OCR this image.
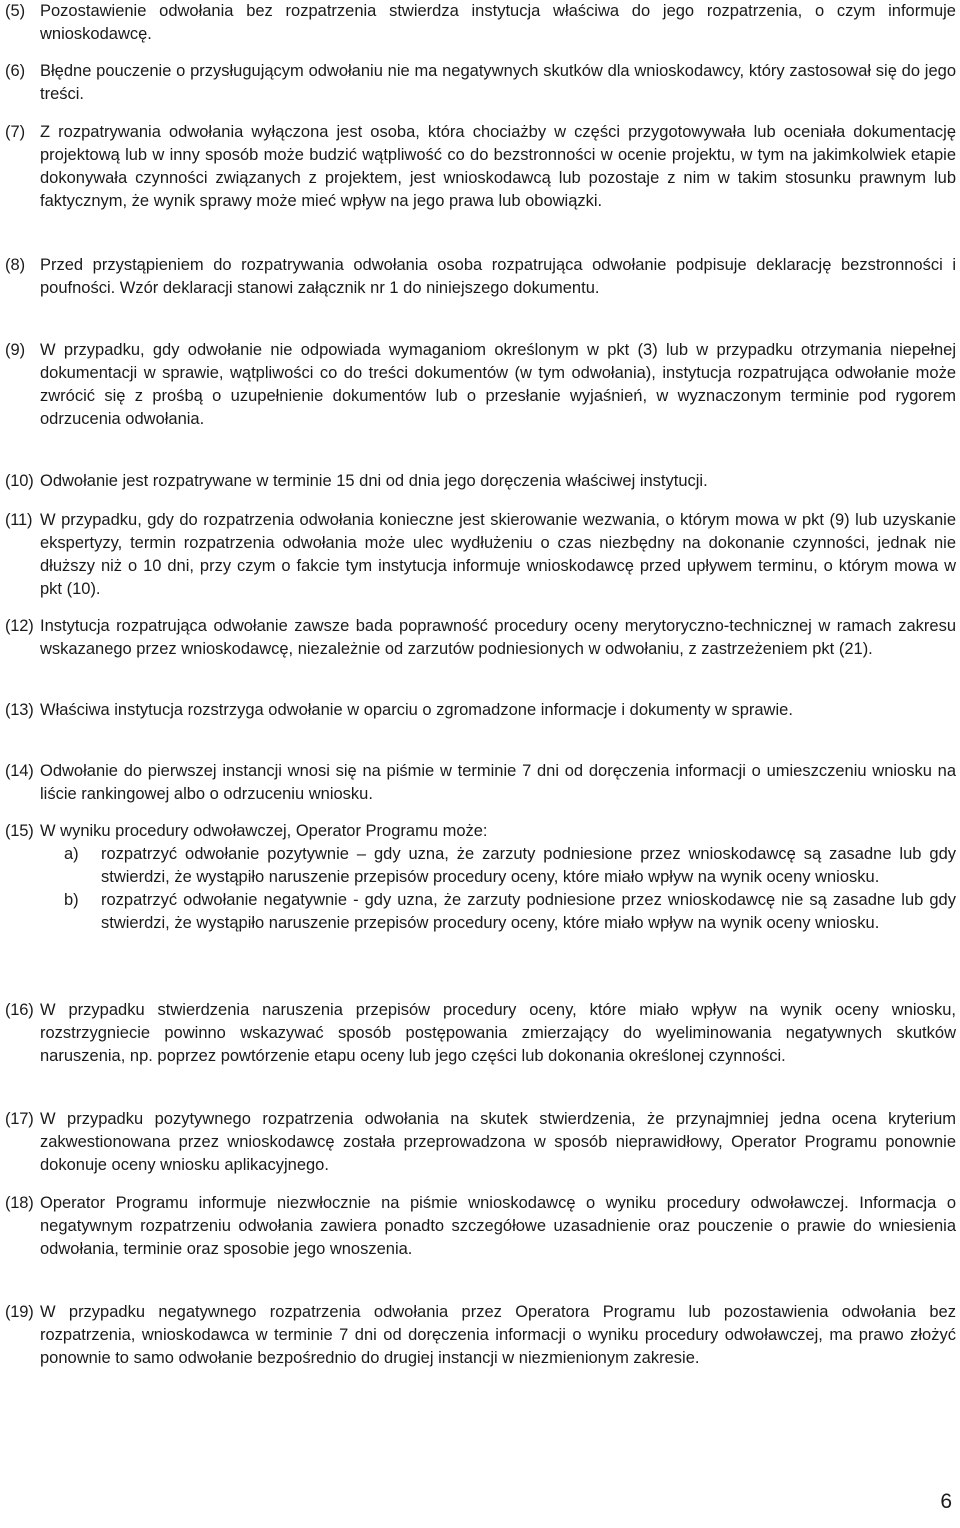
(5) Pozostawienie odwołania bez rozpatrzenia stwierdza instytucja właściwa do jego rozpatrzenia, o czym informuje wnioskodawcę.
(6) Błędne pouczenie o przysługującym odwołaniu nie ma negatywnych skutków dla wnioskodawcy, który zastosował się do jego treści.
(7) Z rozpatrywania odwołania wyłączona jest osoba, która chociażby w części przygotowywała lub oceniała dokumentację projektową lub w inny sposób może budzić wątpliwość co do bezstronności w ocenie projektu, w tym na jakimkolwiek etapie dokonywała czynności związanych z projektem, jest wnioskodawcą lub pozostaje z nim w takim stosunku prawnym lub faktycznym, że wynik sprawy może mieć wpływ na jego prawa lub obowiązki.
(8) Przed przystąpieniem do rozpatrywania odwołania osoba rozpatrująca odwołanie podpisuje deklarację bezstronności i poufności. Wzór deklaracji stanowi załącznik nr 1 do niniejszego dokumentu.
(9) W przypadku, gdy odwołanie nie odpowiada wymaganiom określonym w pkt (3) lub w przypadku otrzymania niepełnej dokumentacji w sprawie, wątpliwości co do treści dokumentów (w tym odwołania), instytucja rozpatrująca odwołanie może zwrócić się z prośbą o uzupełnienie dokumentów lub o przesłanie wyjaśnień, w wyznaczonym terminie pod rygorem odrzucenia odwołania.
(10) Odwołanie jest rozpatrywane w terminie 15 dni od dnia jego doręczenia właściwej instytucji.
(11) W przypadku, gdy do rozpatrzenia odwołania konieczne jest skierowanie wezwania, o którym mowa w pkt (9) lub uzyskanie ekspertyzy, termin rozpatrzenia odwołania może ulec wydłużeniu o czas niezbędny na dokonanie czynności, jednak nie dłuższy niż o 10 dni, przy czym o fakcie tym instytucja informuje wnioskodawcę przed upływem terminu, o którym mowa w pkt (10).
(12) Instytucja rozpatrująca odwołanie zawsze bada poprawność procedury oceny merytoryczno-technicznej w ramach zakresu wskazanego przez wnioskodawcę, niezależnie od zarzutów podniesionych w odwołaniu, z zastrzeżeniem pkt (21).
(13) Właściwa instytucja rozstrzyga odwołanie w oparciu o zgromadzone informacje i dokumenty w sprawie.
(14) Odwołanie do pierwszej instancji wnosi się na piśmie w terminie 7 dni od doręczenia informacji o umieszczeniu wniosku na liście rankingowej albo o odrzuceniu wniosku.
(15) W wyniku procedury odwoławczej, Operator Programu może:
a)	rozpatrzyć odwołanie pozytywnie – gdy uzna, że zarzuty podniesione przez wnioskodawcę są zasadne lub gdy stwierdzi, że wystąpiło naruszenie przepisów procedury oceny, które miało wpływ na wynik oceny wniosku.
b)	rozpatrzyć odwołanie negatywnie - gdy uzna, że zarzuty podniesione przez wnioskodawcę nie są zasadne lub gdy stwierdzi, że wystąpiło naruszenie przepisów procedury oceny, które miało wpływ na wynik oceny wniosku.
(16) W przypadku stwierdzenia naruszenia przepisów procedury oceny, które miało wpływ na wynik oceny wniosku, rozstrzygniecie powinno wskazywać sposób postępowania zmierzający do wyeliminowania negatywnych skutków naruszenia, np. poprzez powtórzenie etapu oceny lub jego części lub dokonania określonej czynności.
(17) W przypadku pozytywnego rozpatrzenia odwołania na skutek stwierdzenia, że przynajmniej jedna ocena kryterium zakwestionowana przez wnioskodawcę została przeprowadzona w sposób nieprawidłowy, Operator Programu ponownie dokonuje oceny wniosku aplikacyjnego.
(18) Operator Programu informuje niezwłocznie na piśmie wnioskodawcę o wyniku procedury odwoławczej. Informacja o negatywnym rozpatrzeniu odwołania zawiera ponadto szczegółowe uzasadnienie oraz pouczenie o prawie do wniesienia odwołania, terminie oraz sposobie jego wnoszenia.
(19) W przypadku negatywnego rozpatrzenia odwołania przez Operatora Programu lub pozostawienia odwołania bez rozpatrzenia, wnioskodawca w terminie 7 dni od doręczenia informacji o wyniku procedury odwoławczej, ma prawo złożyć ponownie to samo odwołanie bezpośrednio do drugiej instancji w niezmienionym zakresie.
6
